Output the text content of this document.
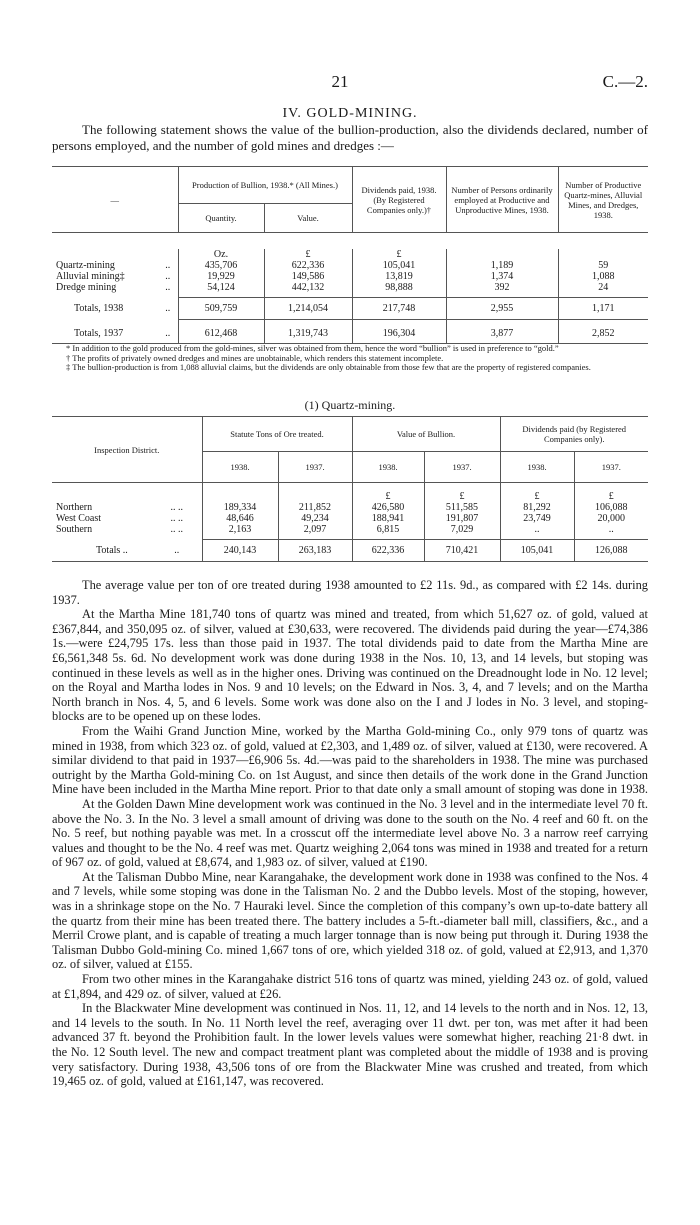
21	C.—2.
IV. GOLD-MINING.
The following statement shows the value of the bullion-production, also the dividends declared, number of persons employed, and the number of gold mines and dredges :—
—		Production of Bullion, 1938.* (All Mines.)		Dividends paid, 1938. (By Registered Companies only.)†	Number of Persons ordinarily employed at Productive and Unproductive Mines, 1938.	Number of Productive Quartz-mines, Alluvial Mines, and Dredges, 1938.
		Quantity.	Value.			

		Oz.	£	£		
Quartz-mining	..	435,706	622,336	105,041	1,189	59
Alluvial mining‡	..	19,929	149,586	13,819	1,374	1,088
Dredge mining	..	54,124	442,132	98,888	392	24

Totals, 1938	..	509,759	1,214,054	217,748	2,955	1,171

Totals, 1937	..	612,468	1,319,743	196,304	3,877	2,852

* In addition to the gold produced from the gold-mines, silver was obtained from them, hence the word “bullion” is used in preference to “gold.”

† The profits of privately owned dredges and mines are unobtainable, which renders this statement incomplete.

‡ The bullion-production is from 1,088 alluvial claims, but the dividends are only obtainable from those few that are the property of registered companies.

(1) Quartz-mining.
Inspection District.		Statute Tons of Ore treated.		Value of Bullion.		Dividends paid (by Registered Companies only).	
		1938.	1937.	1938.	1937.	1938.	1937.

				£	£	£	£
Northern	.. ..	189,334	211,852	426,580	511,585	81,292	106,088
West Coast	.. ..	48,646	49,234	188,941	191,807	23,749	20,000
Southern	.. ..	2,163	2,097	6,815	7,029	..	..

Totals ..	..	240,143	263,183	622,336	710,421	105,041	126,088

The average value per ton of ore treated during 1938 amounted to £2 11s. 9d., as compared with £2 14s. during 1937.

At the Martha Mine 181,740 tons of quartz was mined and treated, from which 51,627 oz. of gold, valued at £367,844, and 350,095 oz. of silver, valued at £30,633, were recovered. The dividends paid during the year—£74,386 1s.—were £24,795 17s. less than those paid in 1937. The total dividends paid to date from the Martha Mine are £6,561,348 5s. 6d. No development work was done during 1938 in the Nos. 10, 13, and 14 levels, but stoping was continued in these levels as well as in the higher ones. Driving was continued on the Dreadnought lode in No. 12 level; on the Royal and Martha lodes in Nos. 9 and 10 levels; on the Edward in Nos. 3, 4, and 7 levels; and on the Martha North branch in Nos. 4, 5, and 6 levels. Some work was done also on the I and J lodes in No. 3 level, and stoping-blocks are to be opened up on these lodes.

From the Waihi Grand Junction Mine, worked by the Martha Gold-mining Co., only 979 tons of quartz was mined in 1938, from which 323 oz. of gold, valued at £2,303, and 1,489 oz. of silver, valued at £130, were recovered. A similar dividend to that paid in 1937—£6,906 5s. 4d.—was paid to the shareholders in 1938. The mine was purchased outright by the Martha Gold-mining Co. on 1st August, and since then details of the work done in the Grand Junction Mine have been included in the Martha Mine report. Prior to that date only a small amount of stoping was done in 1938.

At the Golden Dawn Mine development work was continued in the No. 3 level and in the intermediate level 70 ft. above the No. 3. In the No. 3 level a small amount of driving was done to the south on the No. 4 reef and 60 ft. on the No. 5 reef, but nothing payable was met. In a crosscut off the intermediate level above No. 3 a narrow reef carrying values and thought to be the No. 4 reef was met. Quartz weighing 2,064 tons was mined in 1938 and treated for a return of 967 oz. of gold, valued at £8,674, and 1,983 oz. of silver, valued at £190.

At the Talisman Dubbo Mine, near Karangahake, the development work done in 1938 was confined to the Nos. 4 and 7 levels, while some stoping was done in the Talisman No. 2 and the Dubbo levels. Most of the stoping, however, was in a shrinkage stope on the No. 7 Hauraki level. Since the completion of this company’s own up-to-date battery all the quartz from their mine has been treated there. The battery includes a 5-ft.-diameter ball mill, classifiers, &c., and a Merril Crowe plant, and is capable of treating a much larger tonnage than is now being put through it. During 1938 the Talisman Dubbo Gold-mining Co. mined 1,667 tons of ore, which yielded 318 oz. of gold, valued at £2,913, and 1,370 oz. of silver, valued at £155.

From two other mines in the Karangahake district 516 tons of quartz was mined, yielding 243 oz. of gold, valued at £1,894, and 429 oz. of silver, valued at £26.

In the Blackwater Mine development was continued in Nos. 11, 12, and 14 levels to the north and in Nos. 12, 13, and 14 levels to the south. In No. 11 North level the reef, averaging over 11 dwt. per ton, was met after it had been advanced 37 ft. beyond the Prohibition fault. In the lower levels values were somewhat higher, reaching 21·8 dwt. in the No. 12 South level. The new and compact treatment plant was completed about the middle of 1938 and is proving very satisfactory. During 1938, 43,506 tons of ore from the Blackwater Mine was crushed and treated, from which 19,465 oz. of gold, valued at £161,147, was recovered.
